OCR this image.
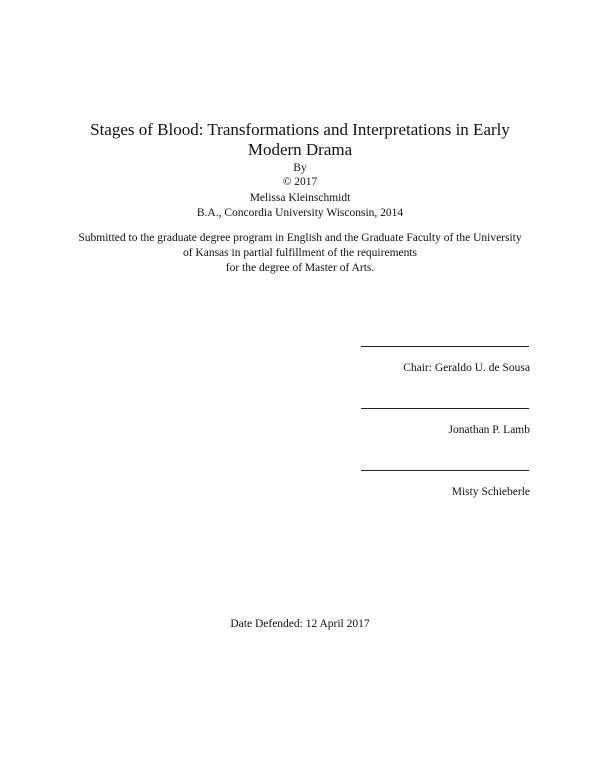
Stages of Blood: Transformations and Interpretations in Early
Modern Drama
By
© 2017
Melissa Kleinschmidt
B.A., Concordia University Wisconsin, 2014
Submitted to the graduate degree program in English and the Graduate Faculty of the University
of Kansas in partial fulfillment of the requirements
for the degree of Master of Arts.
Chair: Geraldo U. de Sousa
Jonathan P. Lamb
Misty Schieberle
Date Defended: 12 April 2017
